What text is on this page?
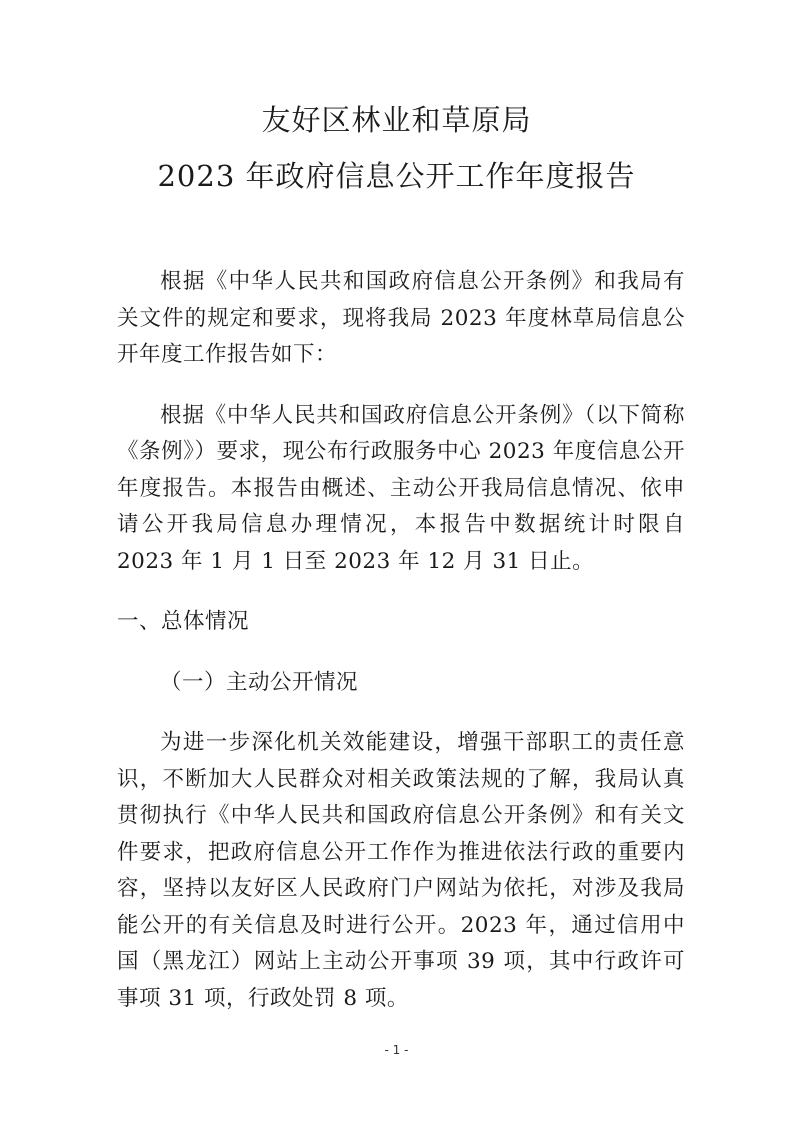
友好区林业和草原局
2023 年政府信息公开工作年度报告

根据《中华人民共和国政府信息公开条例》和我局有关文件的规定和要求，现将我局 2023 年度林草局信息公开年度工作报告如下：

根据《中华人民共和国政府信息公开条例》（以下简称《条例》）要求，现公布行政服务中心 2023 年度信息公开年度报告。本报告由概述、主动公开我局信息情况、依申请公开我局信息办理情况，本报告中数据统计时限自 2023 年 1 月 1 日至 2023 年 12 月 31 日止。

一、总体情况
（一）主动公开情况

为进一步深化机关效能建设，增强干部职工的责任意识，不断加大人民群众对相关政策法规的了解，我局认真贯彻执行《中华人民共和国政府信息公开条例》和有关文件要求，把政府信息公开工作作为推进依法行政的重要内容，坚持以友好区人民政府门户网站为依托，对涉及我局能公开的有关信息及时进行公开。2023 年，通过信用中国（黑龙江）网站上主动公开事项 39 项，其中行政许可事项 31 项，行政处罚 8 项。

- 1 -
